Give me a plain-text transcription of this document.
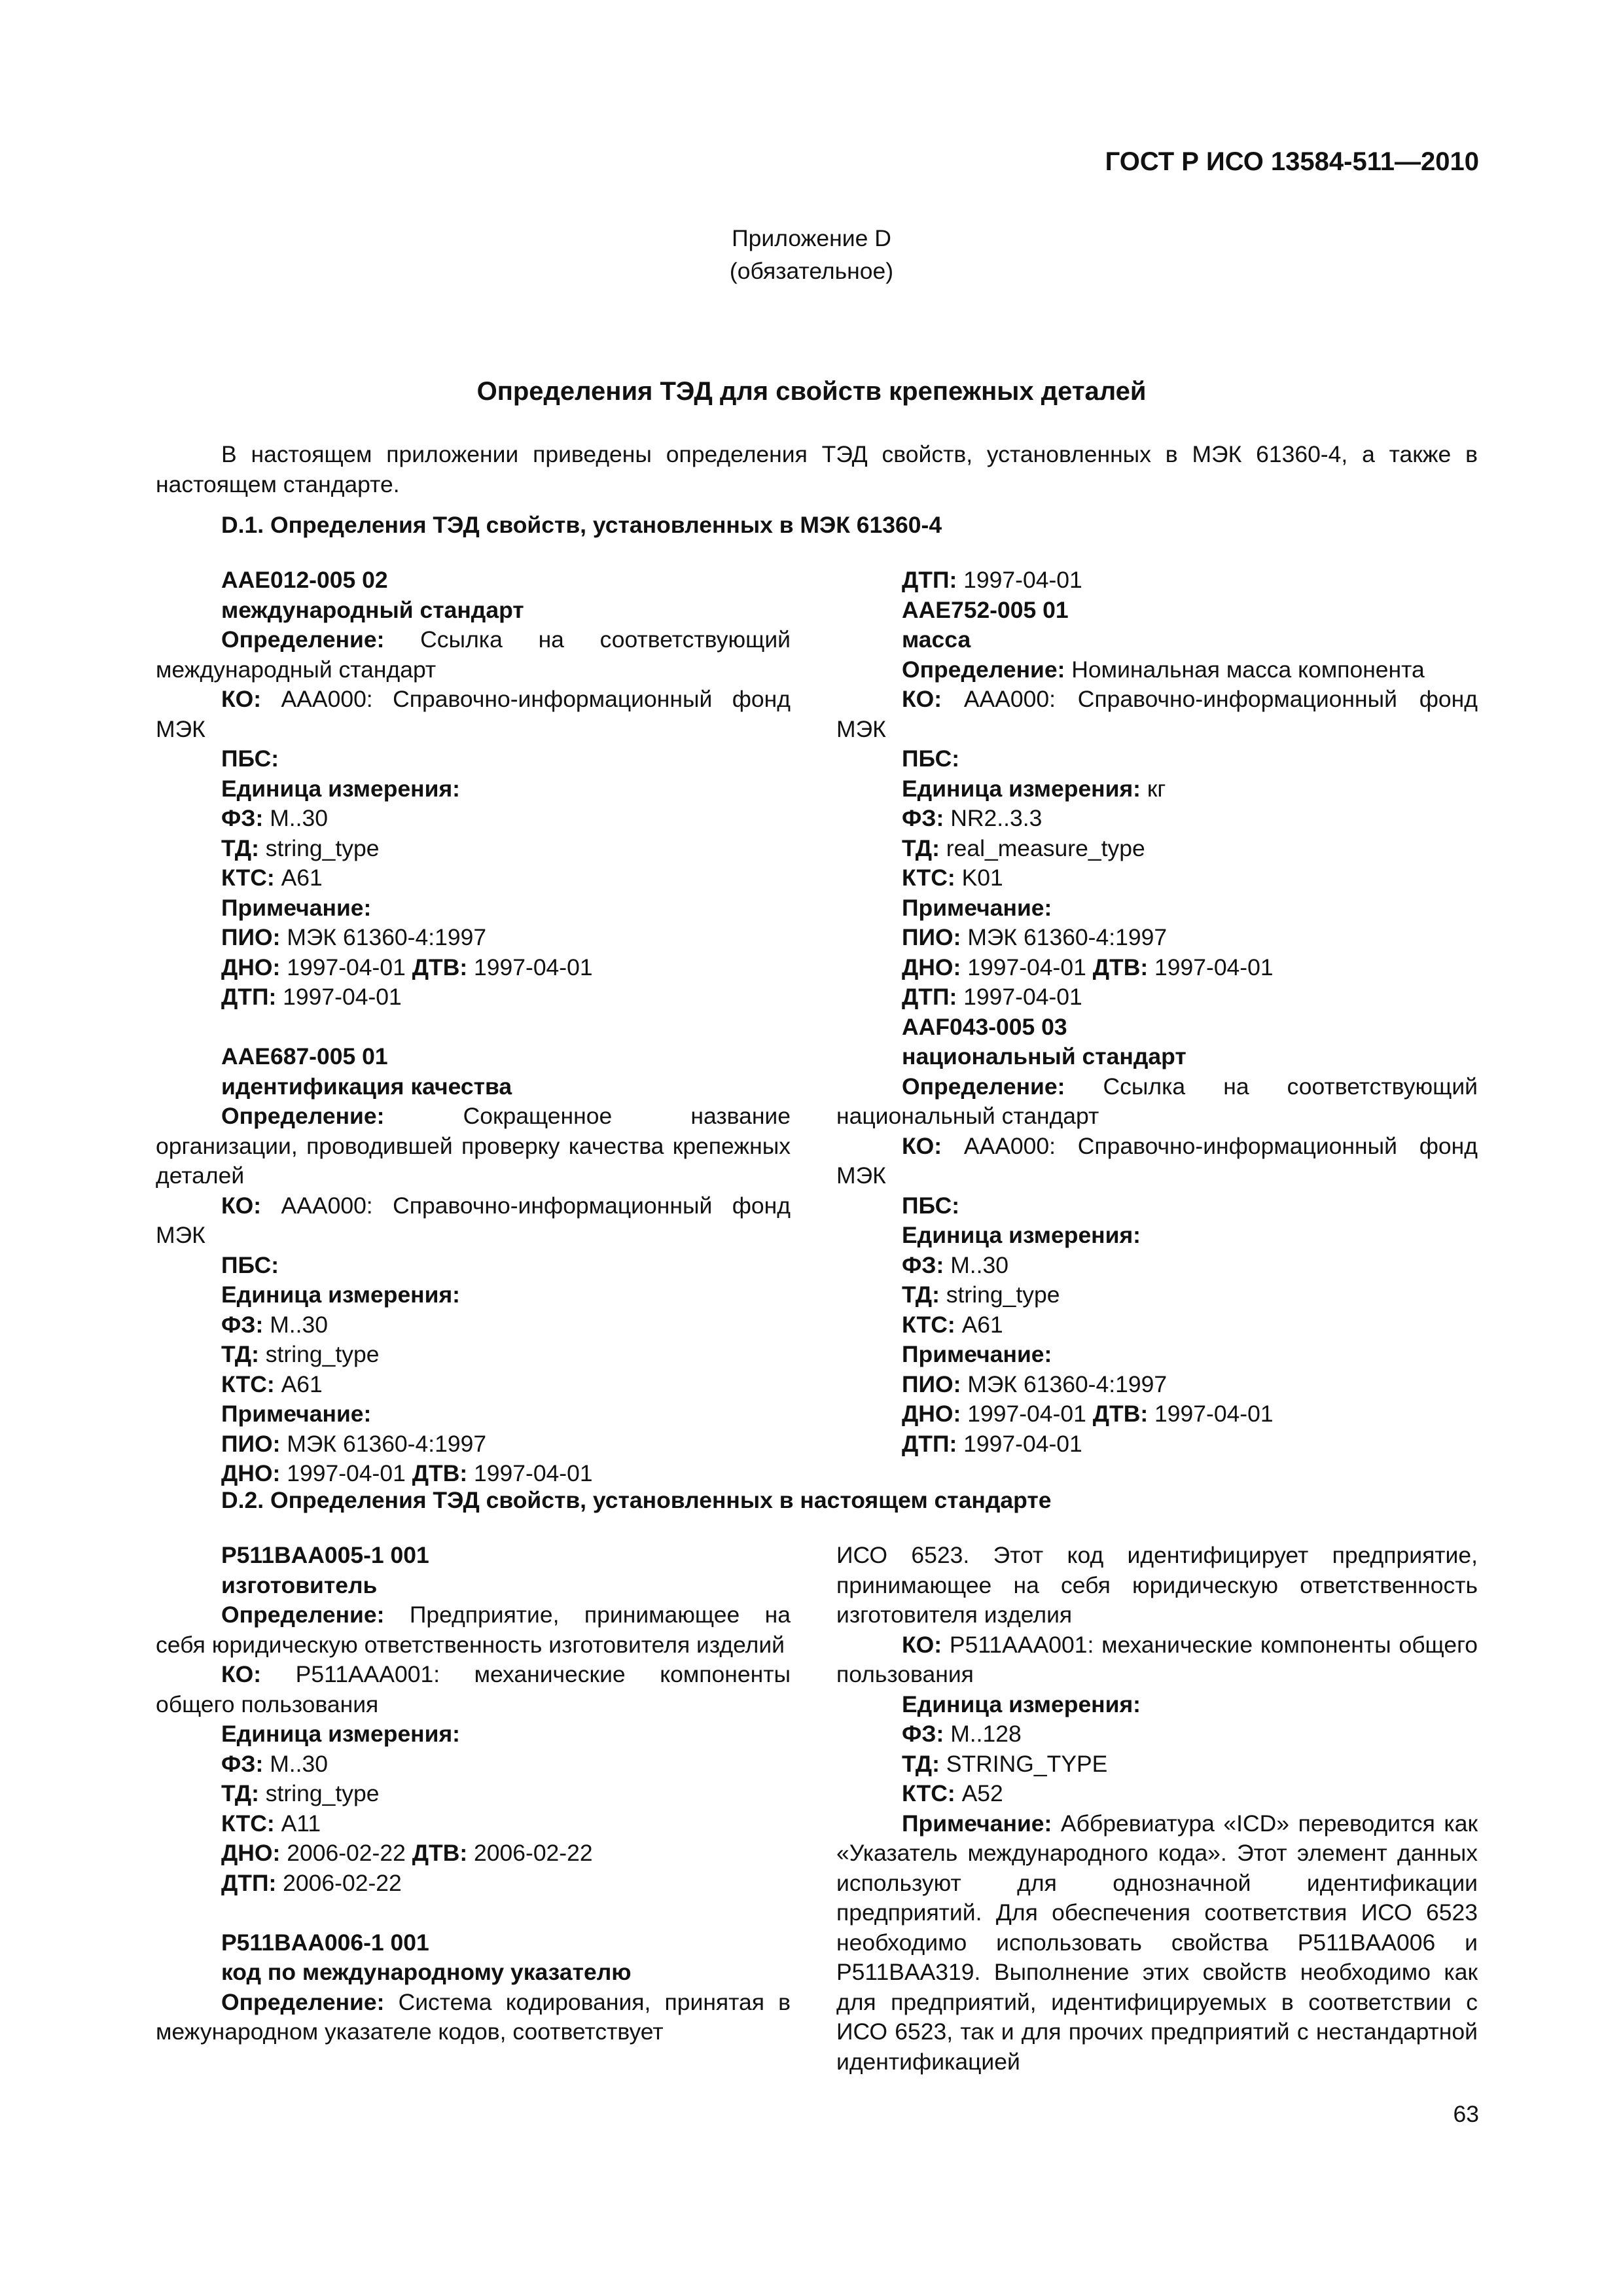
ГОСТ Р ИСО 13584-511—2010
Приложение D
(обязательное)
Определения ТЭД для свойств крепежных деталей
В настоящем приложении приведены определения ТЭД свойств, установленных в МЭК 61360-4, а также в настоящем стандарте.
D.1. Определения ТЭД свойств, установленных в МЭК 61360-4
AAE012-005 02
международный стандарт
Определение: Ссылка на соответствующий международный стандарт
КО: AAA000: Справочно-информационный фонд МЭК
ПБС:
Единица измерения:
ФЗ: M..30
ТД: string_type
КТС: A61
Примечание:
ПИО: МЭК 61360-4:1997
ДНО: 1997-04-01 ДТВ: 1997-04-01
ДТП: 1997-04-01
AAE687-005 01
идентификация качества
Определение: Сокращенное название организации, проводившей проверку качества крепежных деталей
КО: AAA000: Справочно-информационный фонд МЭК
ПБС:
Единица измерения:
ФЗ: M..30
ТД: string_type
КТС: A61
Примечание:
ПИО: МЭК 61360-4:1997
ДНО: 1997-04-01 ДТВ: 1997-04-01
ДТП: 1997-04-01
AAE752-005 01
масса
Определение: Номинальная масса компонента
КО: AAA000: Справочно-информационный фонд МЭК
ПБС:
Единица измерения: кг
ФЗ: NR2..3.3
ТД: real_measure_type
КТС: K01
Примечание:
ПИО: МЭК 61360-4:1997
ДНО: 1997-04-01 ДТВ: 1997-04-01
ДТП: 1997-04-01
AAF043-005 03
национальный стандарт
Определение: Ссылка на соответствующий национальный стандарт
КО: AAA000: Справочно-информационный фонд МЭК
ПБС:
Единица измерения:
ФЗ: M..30
ТД: string_type
КТС: A61
Примечание:
ПИО: МЭК 61360-4:1997
ДНО: 1997-04-01 ДТВ: 1997-04-01
ДТП: 1997-04-01
D.2. Определения ТЭД свойств, установленных в настоящем стандарте
P511BAA005-1 001
изготовитель
Определение: Предприятие, принимающее на себя юридическую ответственность изготовителя изделий
КО: P511AAA001: механические компоненты общего пользования
Единица измерения:
ФЗ: M..30
ТД: string_type
КТС: A11
ДНО: 2006-02-22 ДТВ: 2006-02-22
ДТП: 2006-02-22
P511BAA006-1 001
код по международному указателю
Определение: Система кодирования, принятая в межународном указателе кодов, соответствует
ИСО 6523. Этот код идентифицирует предприятие, принимающее на себя юридическую ответственность изготовителя изделия
КО: P511AAA001: механические компоненты общего пользования
Единица измерения:
ФЗ: M..128
ТД: STRING_TYPE
КТС: A52
Примечание: Аббревиатура «ICD» переводится как «Указатель международного кода». Этот элемент данных используют для однозначной идентификации предприятий. Для обеспечения соответствия ИСО 6523 необходимо использовать свойства P511BAA006 и P511BAA319. Выполнение этих свойств необходимо как для предприятий, идентифицируемых в соответствии с ИСО 6523, так и для прочих предприятий с нестандартной идентификацией
63
